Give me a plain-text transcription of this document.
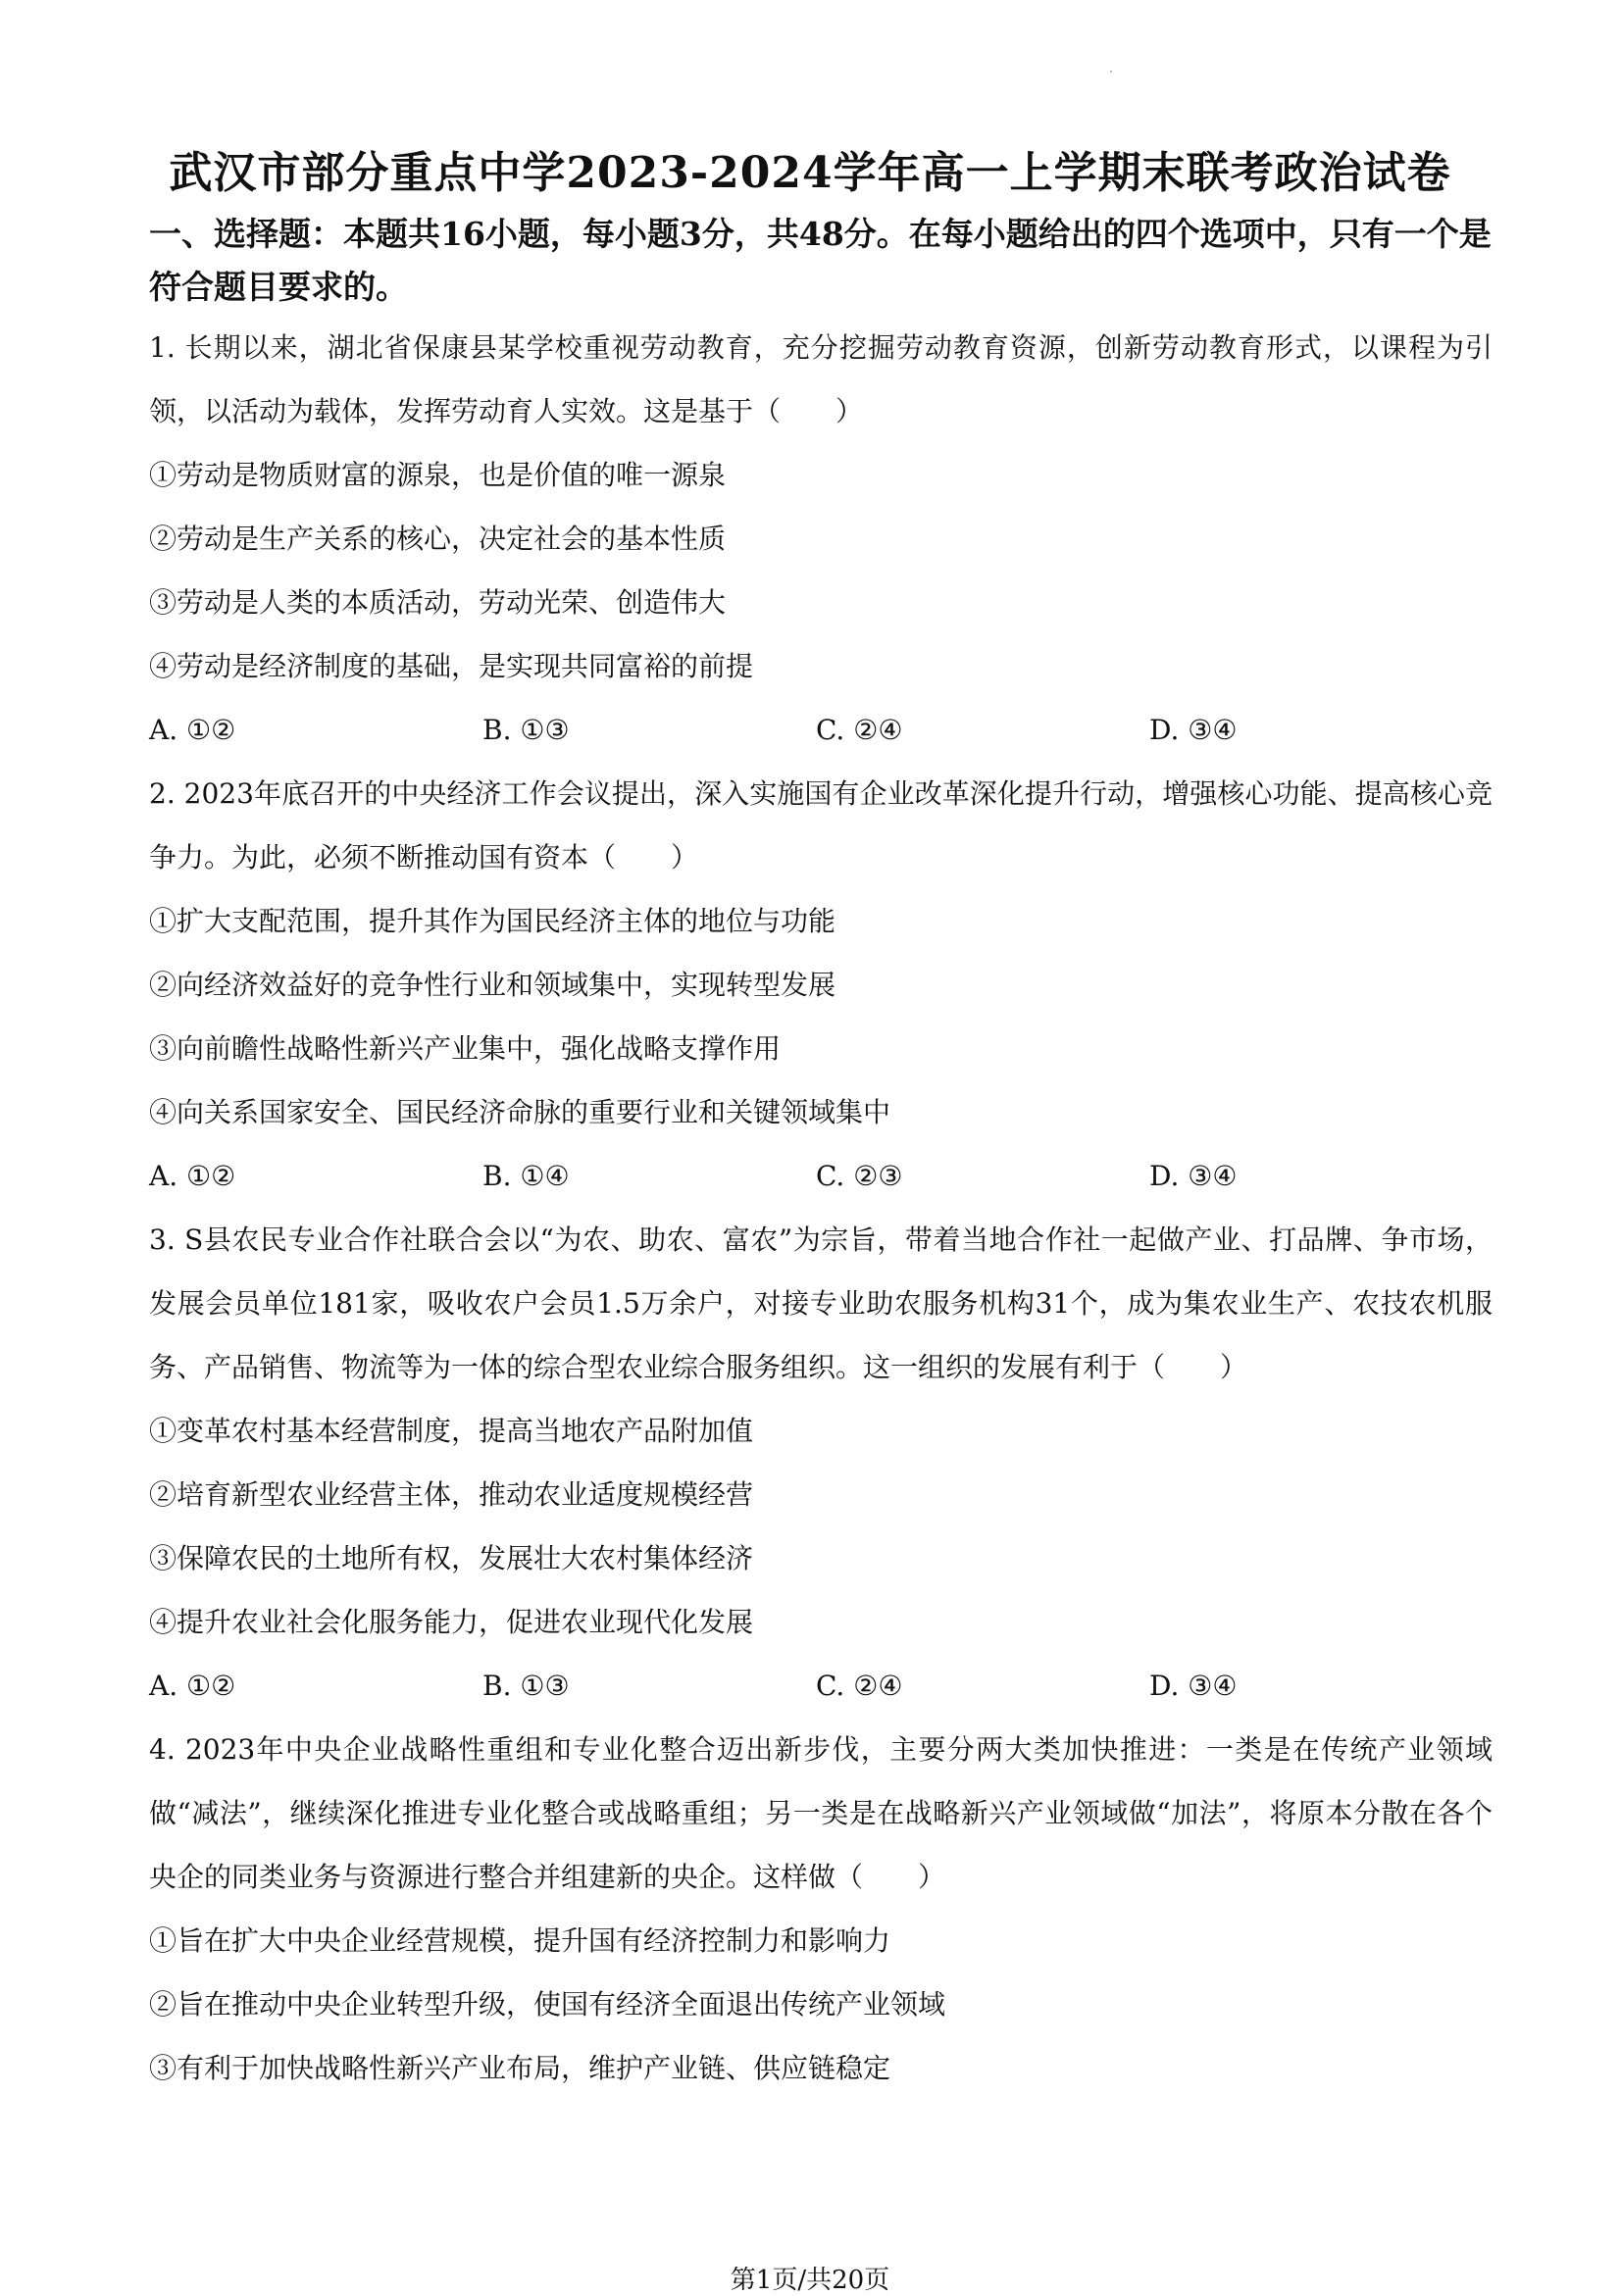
武汉市部分重点中学2023-2024学年高一上学期末联考政治试卷
一、选择题：本题共16小题，每小题3分，共48分。在每小题给出的四个选项中，只有一个是符合题目要求的。

1. 长期以来，湖北省保康县某学校重视劳动教育，充分挖掘劳动教育资源，创新劳动教育形式，以课程为引领，以活动为载体，发挥劳动育人实效。这是基于（　　）

①劳动是物质财富的源泉，也是价值的唯一源泉

②劳动是生产关系的核心，决定社会的基本性质

③劳动是人类的本质活动，劳动光荣、创造伟大

④劳动是经济制度的基础，是实现共同富裕的前提

A. ①②	B. ①③	C. ②④	D. ③④

2. 2023年底召开的中央经济工作会议提出，深入实施国有企业改革深化提升行动，增强核心功能、提高核心竞争力。为此，必须不断推动国有资本（　　）

①扩大支配范围，提升其作为国民经济主体的地位与功能

②向经济效益好的竞争性行业和领域集中，实现转型发展

③向前瞻性战略性新兴产业集中，强化战略支撑作用

④向关系国家安全、国民经济命脉的重要行业和关键领域集中

A. ①②	B. ①④	C. ②③	D. ③④

3. S县农民专业合作社联合会以“为农、助农、富农”为宗旨，带着当地合作社一起做产业、打品牌、争市场，发展会员单位181家，吸收农户会员1.5万余户，对接专业助农服务机构31个，成为集农业生产、农技农机服务、产品销售、物流等为一体的综合型农业综合服务组织。这一组织的发展有利于（　　）

①变革农村基本经营制度，提高当地农产品附加值

②培育新型农业经营主体，推动农业适度规模经营

③保障农民的土地所有权，发展壮大农村集体经济

④提升农业社会化服务能力，促进农业现代化发展

A. ①②	B. ①③	C. ②④	D. ③④

4. 2023年中央企业战略性重组和专业化整合迈出新步伐，主要分两大类加快推进：一类是在传统产业领域做“减法”，继续深化推进专业化整合或战略重组；另一类是在战略新兴产业领域做“加法”，将原本分散在各个央企的同类业务与资源进行整合并组建新的央企。这样做（　　）

①旨在扩大中央企业经营规模，提升国有经济控制力和影响力

②旨在推动中央企业转型升级，使国有经济全面退出传统产业领域

③有利于加快战略性新兴产业布局，维护产业链、供应链稳定

第1页/共20页
